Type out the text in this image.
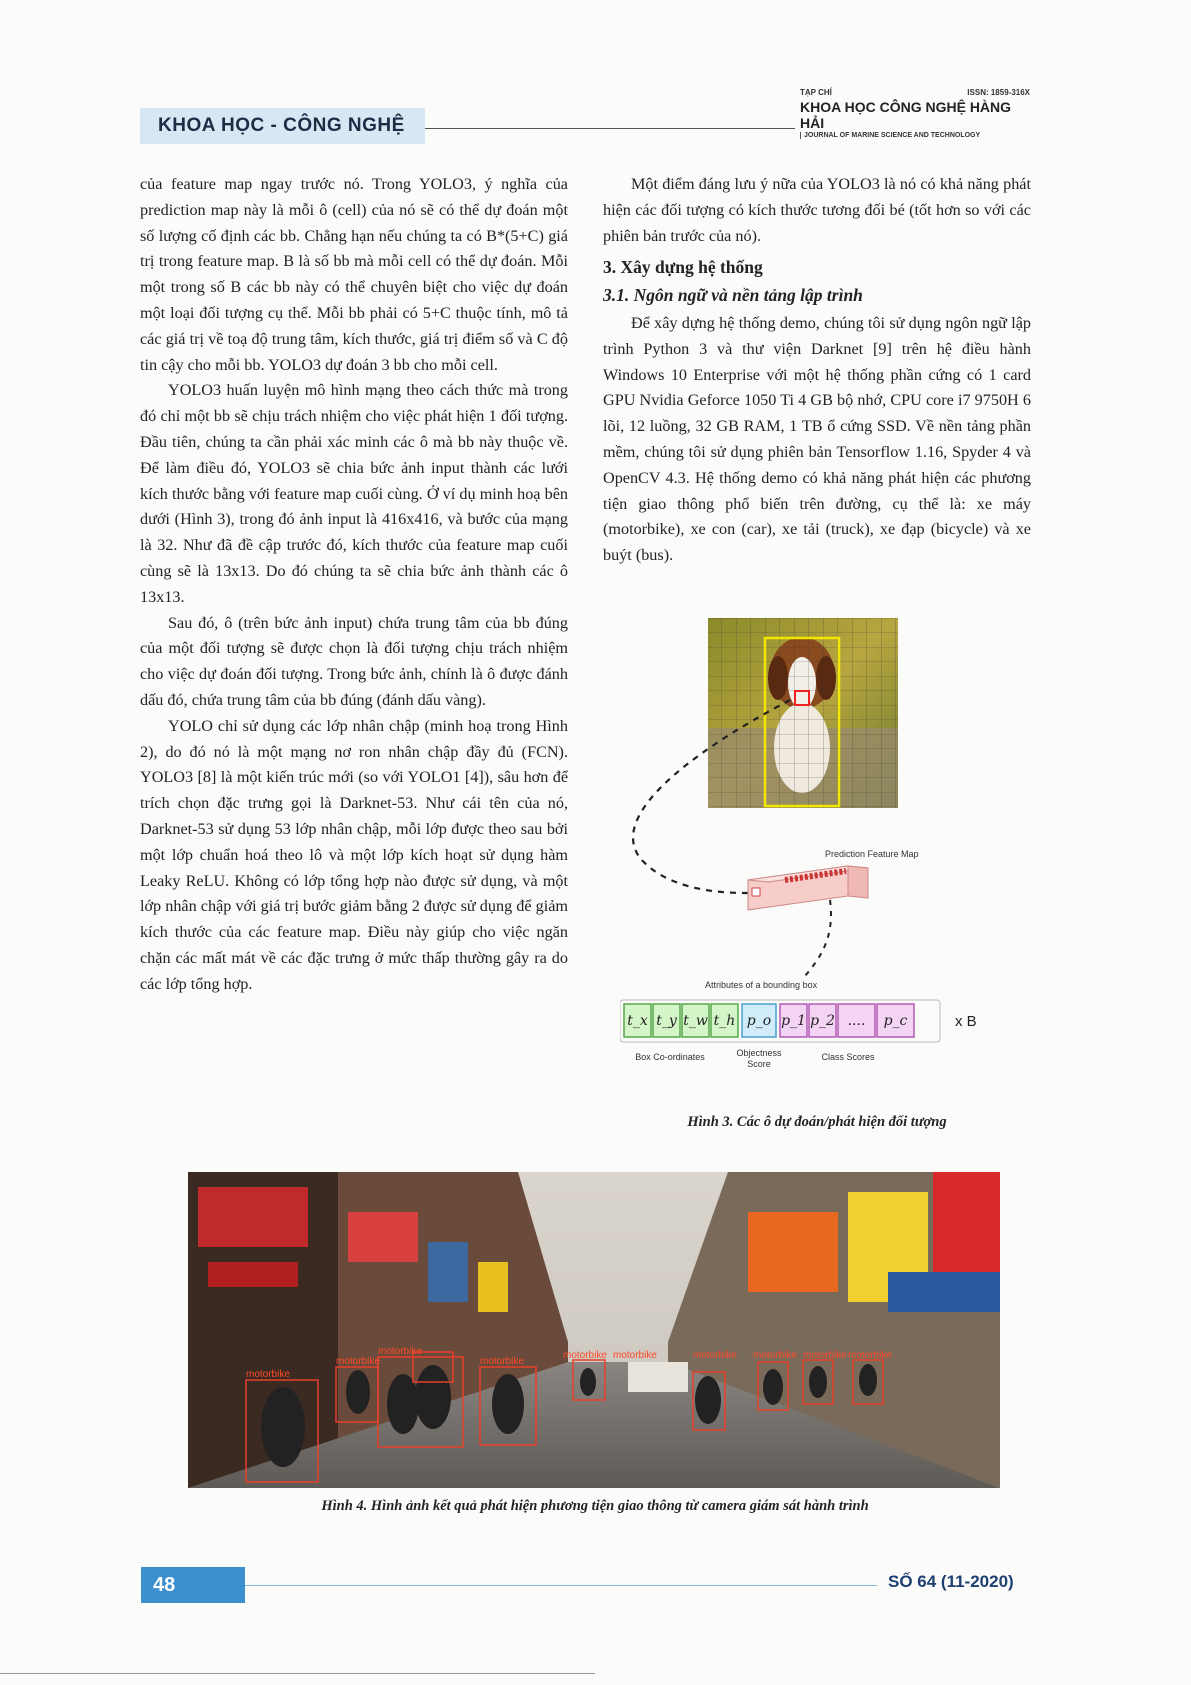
KHOA HỌC - CÔNG NGHỆ
TẠP CHÍ	ISSN: 1859-316X
KHOA HỌC CÔNG NGHỆ HÀNG HẢI
JOURNAL OF MARINE SCIENCE AND TECHNOLOGY

của feature map ngay trước nó. Trong YOLO3, ý nghĩa của prediction map này là mỗi ô (cell) của nó sẽ có thể dự đoán một số lượng cố định các bb. Chẳng hạn nếu chúng ta có B*(5+C) giá trị trong feature map. B là số bb mà mỗi cell có thể dự đoán. Mỗi một trong số B các bb này có thể chuyên biệt cho việc dự đoán một loại đối tượng cụ thể. Mỗi bb phải có 5+C thuộc tính, mô tả các giá trị về toạ độ trung tâm, kích thước, giá trị điểm số và C độ tin cậy cho mỗi bb. YOLO3 dự đoán 3 bb cho mỗi cell.

YOLO3 huấn luyện mô hình mạng theo cách thức mà trong đó chỉ một bb sẽ chịu trách nhiệm cho việc phát hiện 1 đối tượng. Đầu tiên, chúng ta cần phải xác minh các ô mà bb này thuộc về. Để làm điều đó, YOLO3 sẽ chia bức ảnh input thành các lưới kích thước bằng với feature map cuối cùng. Ở ví dụ minh hoạ bên dưới (Hình 3), trong đó ảnh input là 416x416, và bước của mạng là 32. Như đã đề cập trước đó, kích thước của feature map cuối cùng sẽ là 13x13. Do đó chúng ta sẽ chia bức ảnh thành các ô 13x13.

Sau đó, ô (trên bức ảnh input) chứa trung tâm của bb đúng của một đối tượng sẽ được chọn là đối tượng chịu trách nhiệm cho việc dự đoán đối tượng. Trong bức ảnh, chính là ô được đánh dấu đó, chứa trung tâm của bb đúng (đánh dấu vàng).

YOLO chỉ sử dụng các lớp nhân chập (minh hoạ trong Hình 2), do đó nó là một mạng nơ ron nhân chập đầy đủ (FCN). YOLO3 [8] là một kiến trúc mới (so với YOLO1 [4]), sâu hơn để trích chọn đặc trưng gọi là Darknet-53. Như cái tên của nó, Darknet-53 sử dụng 53 lớp nhân chập, mỗi lớp được theo sau bởi một lớp chuẩn hoá theo lô và một lớp kích hoạt sử dụng hàm Leaky ReLU. Không có lớp tổng hợp nào được sử dụng, và một lớp nhân chập với giá trị bước giảm bằng 2 được sử dụng để giảm kích thước của các feature map. Điều này giúp cho việc ngăn chặn các mất mát về các đặc trưng ở mức thấp thường gây ra do các lớp tổng hợp.

Một điểm đáng lưu ý nữa của YOLO3 là nó có khả năng phát hiện các đối tượng có kích thước tương đối bé (tốt hơn so với các phiên bản trước của nó).

3. Xây dựng hệ thống
3.1. Ngôn ngữ và nền tảng lập trình

Để xây dựng hệ thống demo, chúng tôi sử dụng ngôn ngữ lập trình Python 3 và thư viện Darknet [9] trên hệ điều hành Windows 10 Enterprise với một hệ thống phần cứng có 1 card GPU Nvidia Geforce 1050 Ti 4 GB bộ nhớ, CPU core i7 9750H 6 lõi, 12 luồng, 32 GB RAM, 1 TB ổ cứng SSD. Về nền tảng phần mềm, chúng tôi sử dụng phiên bản Tensorflow 1.16, Spyder 4 và OpenCV 4.3. Hệ thống demo có khả năng phát hiện các phương tiện giao thông phổ biến trên đường, cụ thể là: xe máy (motorbike), xe con (car), xe tải (truck), xe đạp (bicycle) và xe buýt (bus).

Prediction Feature Map
Attributes of a bounding box
t_x t_y t_w t_h p_o p_1 p_2 .... p_c	x B
Box Co-ordinates	Objectness
Score
Class Scores
Hình 3. Các ô dự đoán/phát hiện đối tượng
motorbike
motorbike
motorbike
motorbike
motorbike motorbike	motorbike motorbike motorbike motorbike
Hình 4. Hình ảnh kết quả phát hiện phương tiện giao thông từ camera giám sát hành trình
48	SỐ 64 (11-2020)
